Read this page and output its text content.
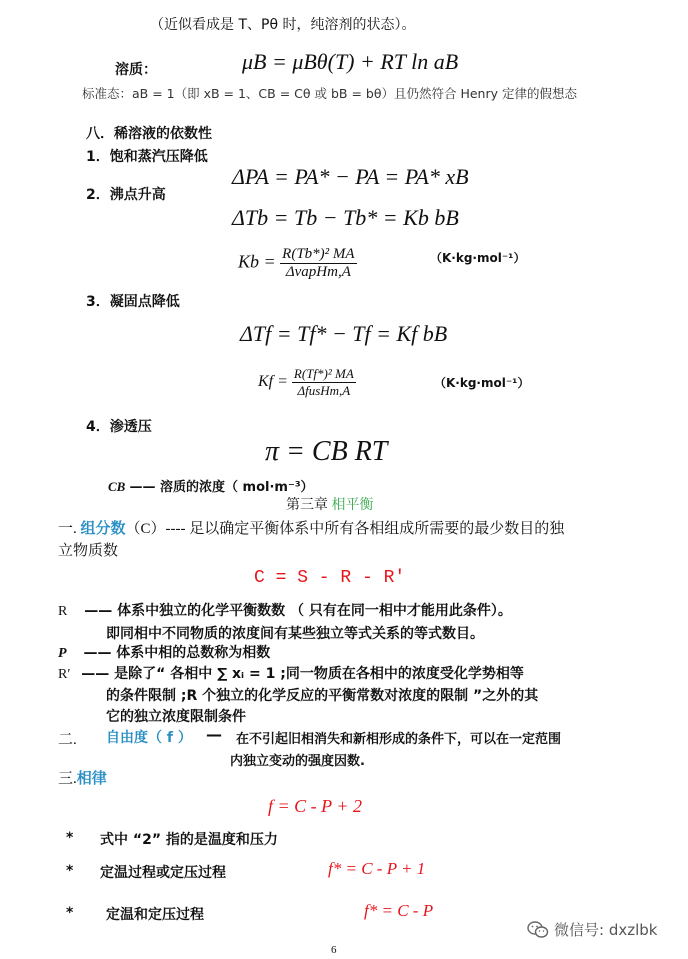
（近似看成是 T、Pθ 时，纯溶剂的状态）。
溶质：	μB = μBθ(T) + RT ln aB
标准态：aB = 1（即 xB = 1、CB = Cθ 或 bB = bθ）且仍然符合 Henry 定律的假想态
八．稀溶液的依数性
1．饱和蒸汽压降低
ΔPA = PA* − PA = PA* xB
2．沸点升高
ΔTb = Tb − Tb* = Kb bB
$Kb = \frac{\text{R(Tb*)² MA}}{\text{ΔvapHm,A}}$	（K·kg·mol⁻¹）
3．凝固点降低
ΔTf = Tf* − Tf = Kf bB
$Kf = \frac{\text{R(Tf*)² MA}}{\text{ΔfusHm,A}}$	（K·kg·mol⁻¹）
4．渗透压
π = CB RT
CB —— 溶质的浓度（ mol·m⁻³）
第三章 相平衡
一. 组分数（C）---- 足以确定平衡体系中所有各相组成所需要的最少数目的独
立物质数
C = S - R - R′
R —— 体系中独立的化学平衡数数 （ 只有在同一相中才能用此条件）。
即同相中不同物质的浓度间有某些独立等式关系的等式数目。
P —— 体系中相的总数称为相数
R′ —— 是除了“ 各相中 ∑ xᵢ = 1 ;同一物质在各相中的浓度受化学势相等
的条件限制 ;R 个独立的化学反应的平衡常数对浓度的限制 ”之外的其
它的独立浓度限制条件
二. 自由度（ f ） — 在不引起旧相消失和新相形成的条件下，可以在一定范围
内独立变动的强度因数.
三.相律
f = C - P + 2
* 式中 “2” 指的是温度和压力
* 定温过程或定压过程	f* = C - P + 1
* 定温和定压过程	f* = C - P
6
微信号: dxzlbk
